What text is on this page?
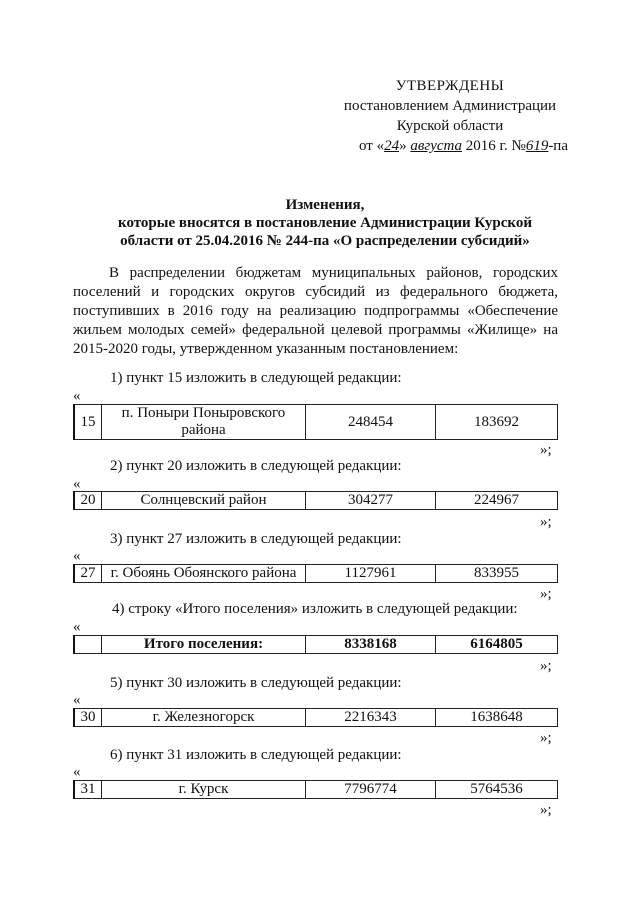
УТВЕРЖДЕНЫ
постановлением Администрации
Курской области
от «24» августа 2016 г. №619-па
Изменения,
которые вносятся в постановление Администрации Курской
области от 25.04.2016 № 244-па «О распределении субсидий»

В распределении бюджетам муниципальных районов, городских поселений и городских округов субсидий из федерального бюджета, поступивших в 2016 году на реализацию подпрограммы «Обеспечение жильем молодых семей» федеральной целевой программы «Жилище» на 2015-2020 годы, утвержденном указанным постановлением:

1) пункт 15 изложить в следующей редакции:
«
15	п. Поныри Поныровского района	248454	183692
»;
2) пункт 20 изложить в следующей редакции:
«
20	Солнцевский район	304277	224967
»;
3) пункт 27 изложить в следующей редакции:
«
27	г. Обоянь Обоянского района	1127961	833955
»;
4) строку «Итого поселения» изложить в следующей редакции:
«
	Итого поселения:	8338168	6164805
»;
5) пункт 30 изложить в следующей редакции:
«
30	г. Железногорск	2216343	1638648
»;
6) пункт 31 изложить в следующей редакции:
«
31	г. Курск	7796774	5764536
»;
